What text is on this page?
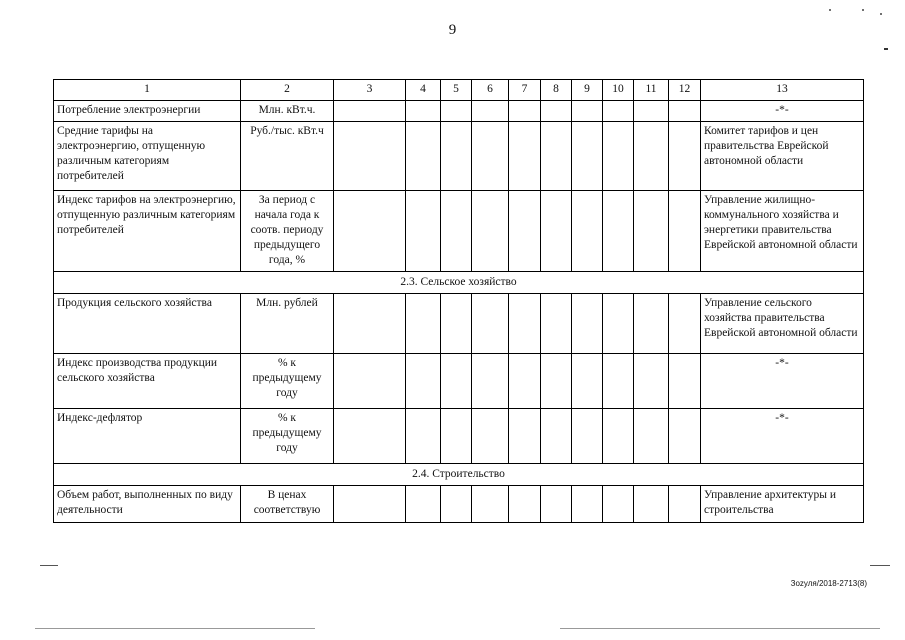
9
1	2	3	4	5	6	7	8	9	10	11	12	13
Потребление электроэнергии	Млн. кВт.ч.											-*-
Средние тарифы на электроэнергию, отпущенную различным категориям потребителей	Руб./тыс. кВт.ч											Комитет тарифов и цен правительства Еврейской автономной области
Индекс тарифов на электроэнергию, отпущенную различным категориям потребителей	За период с начала года к соотв. периоду предыдущего года, %											Управление жилищно-коммунального хозяйства и энергетики правительства Еврейской автономной области
2.3. Сельское хозяйство												
Продукция сельского хозяйства	Млн. рублей											Управление сельского хозяйства правительства Еврейской автономной области
Индекс производства продукции сельского хозяйства	% к предыдущему году											-*-
Индекс-дефлятор	% к предыдущему году											-*-
2.4. Строительство												
Объем работ, выполненных по виду деятельности	В ценах соответствую											Управление архитектуры и строительства
Зоzуля/2018-2713(8)
